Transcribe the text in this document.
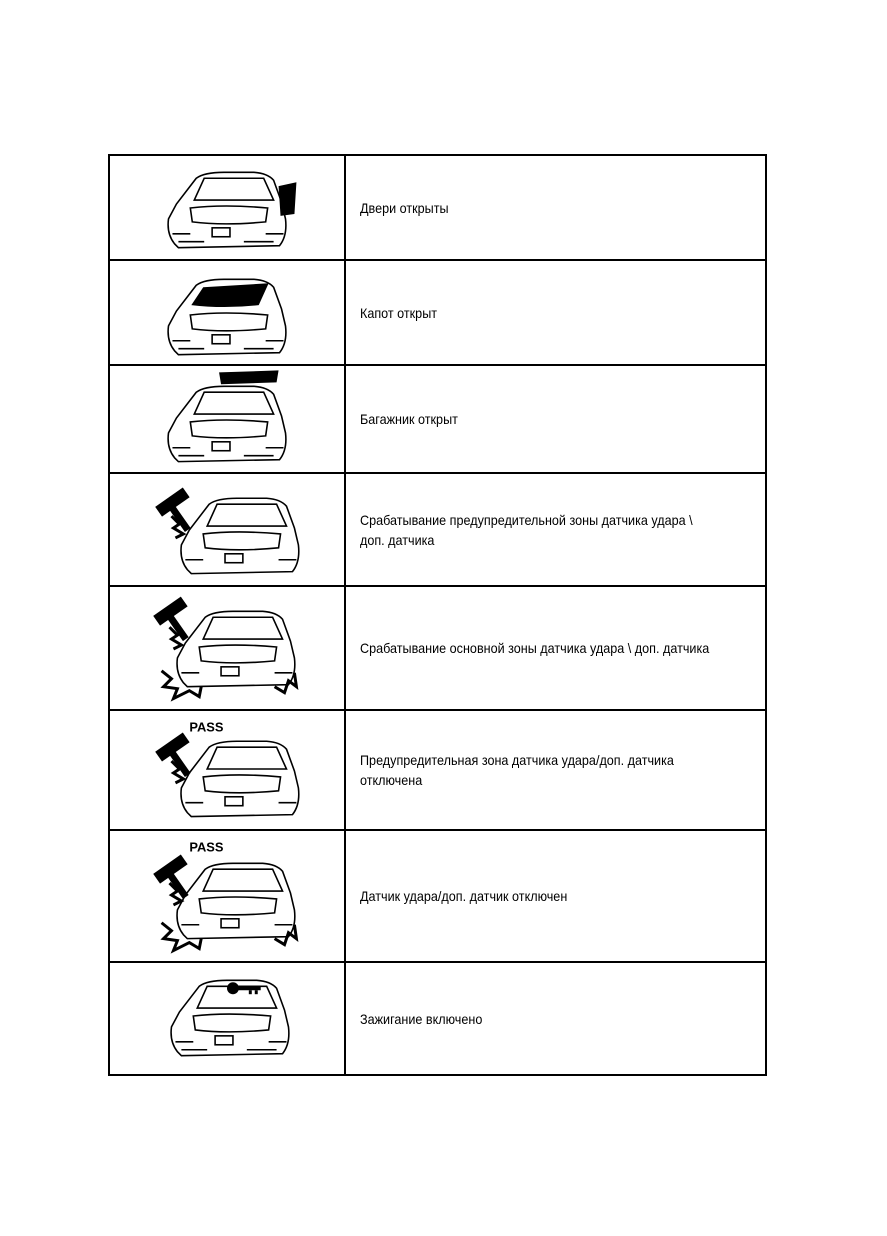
Двери открыты
Капот открыт
Багажник открыт
Срабатывание предупредительной зоны датчика удара \ доп. датчика
Срабатывание основной зоны датчика удара \ доп. датчика
PASS
Предупредительная зона датчика удара/доп. датчика отключена
PASS
Датчик удара/доп. датчик отключен
Зажигание включено
